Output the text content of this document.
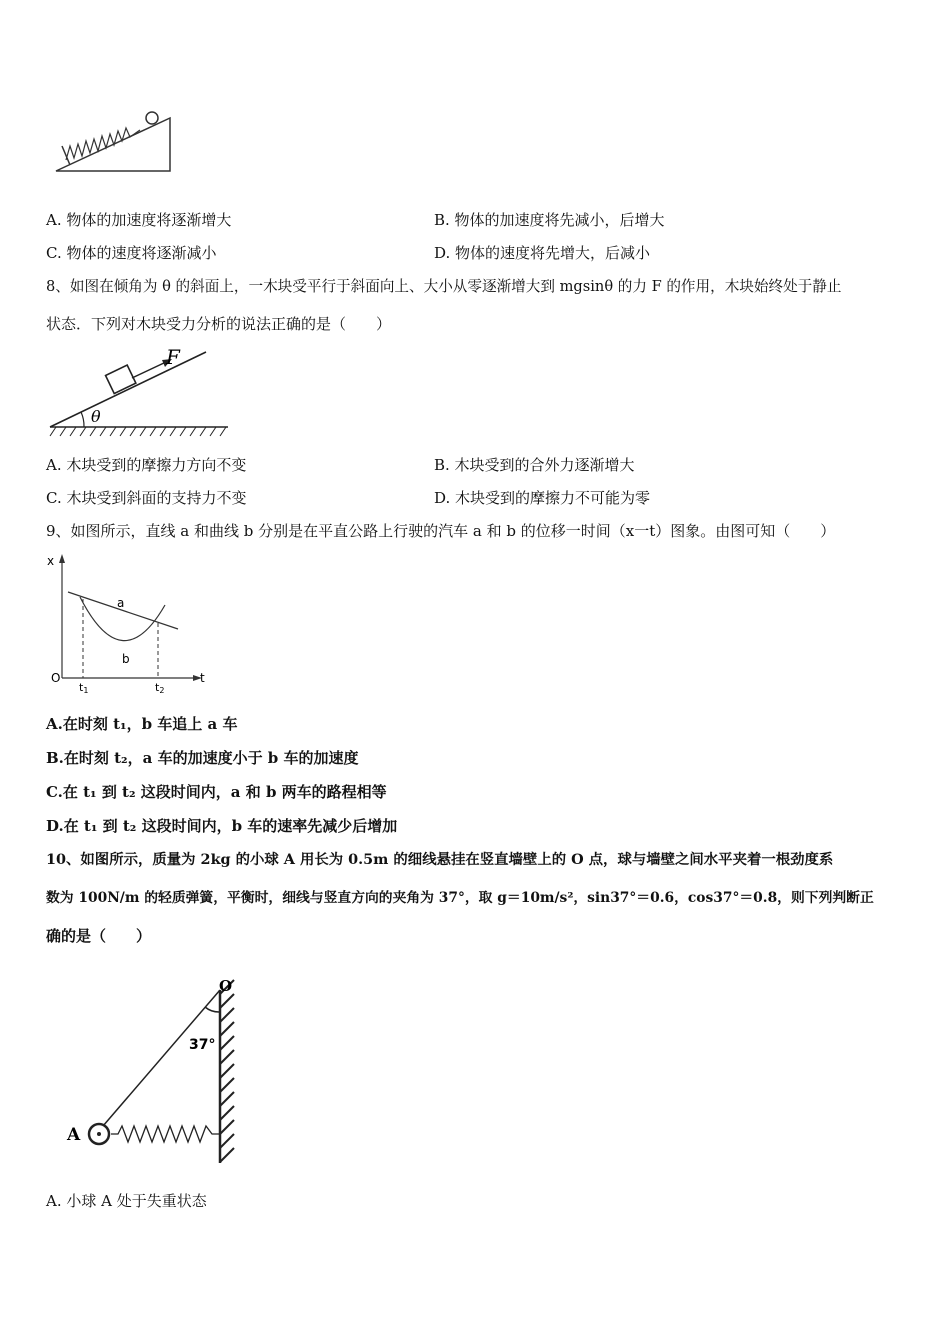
A. 物体的加速度将逐渐增大	B. 物体的加速度将先减小，后增大
C. 物体的速度将逐渐减小	D. 物体的速度将先增大，后减小
8、如图在倾角为 θ 的斜面上，一木块受平行于斜面向上、大小从零逐渐增大到 mgsinθ 的力 F 的作用，木块始终处于静止
状态．下列对木块受力分析的说法正确的是（　　）
F
θ
A. 木块受到的摩擦力方向不变	B. 木块受到的合外力逐渐增大
C. 木块受到斜面的支持力不变	D. 木块受到的摩擦力不可能为零
9、如图所示，直线 a 和曲线 b 分别是在平直公路上行驶的汽车 a 和 b 的位移一时间（x一t）图象。由图可知（　　）
x
t
O
a
b
t1	t2
A.在时刻 t₁，b 车追上 a 车
B.在时刻 t₂，a 车的加速度小于 b 车的加速度
C.在 t₁ 到 t₂ 这段时间内，a 和 b 两车的路程相等
D.在 t₁ 到 t₂ 这段时间内，b 车的速率先减少后增加
10、如图所示，质量为 2kg 的小球 A 用长为 0.5m 的细线悬挂在竖直墙壁上的 O 点，球与墙壁之间水平夹着一根劲度系
数为 100N/m 的轻质弹簧，平衡时，细线与竖直方向的夹角为 37°，取 g＝10m/s²，sin37°＝0.6，cos37°＝0.8，则下列判断正
确的是（　　）
O
37°
A
A. 小球 A 处于失重状态
